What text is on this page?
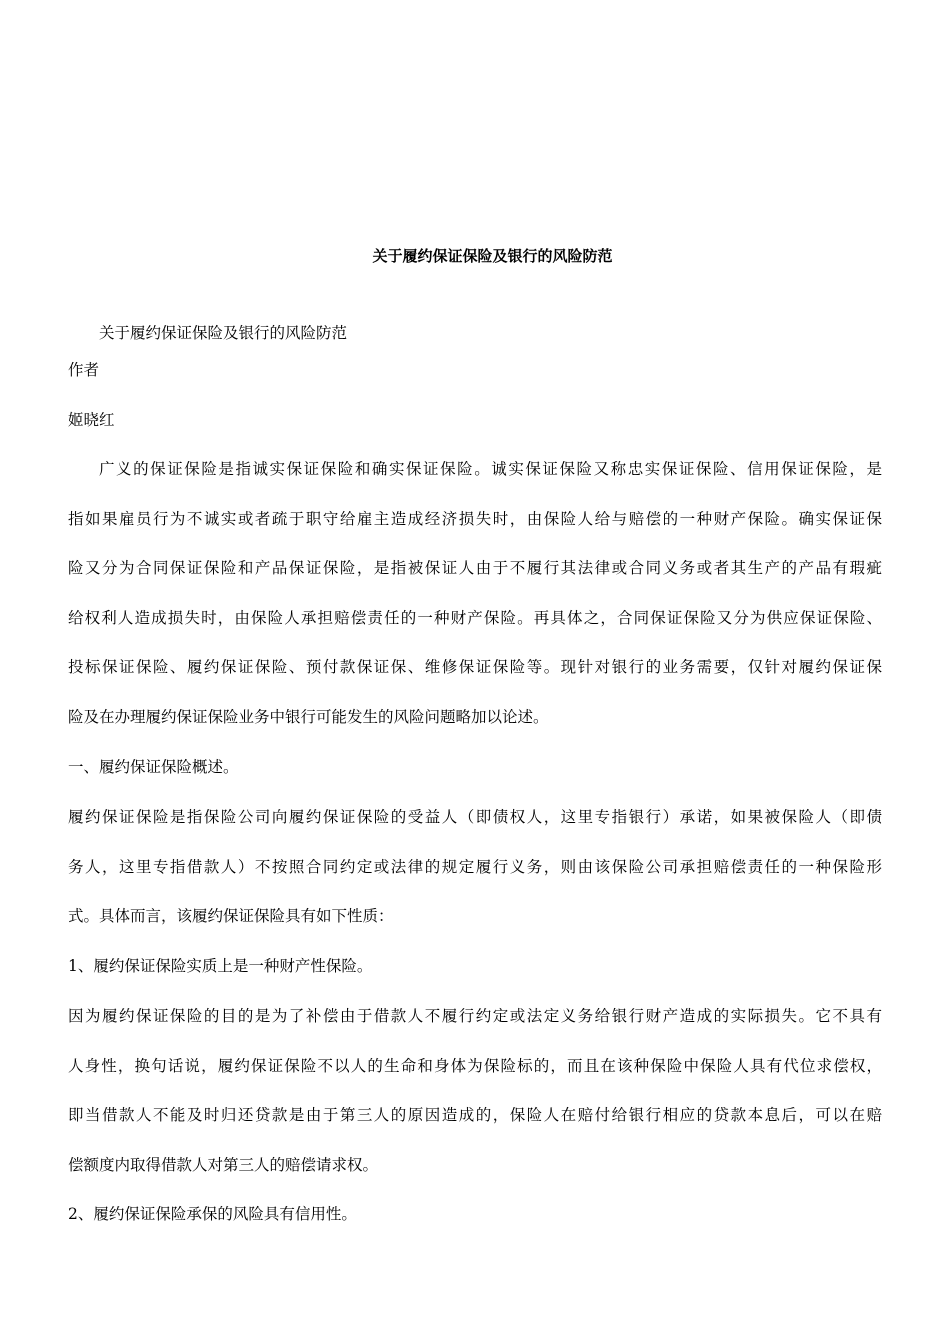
关于履约保证保险及银行的风险防范

关于履约保证保险及银行的风险防范

作者

姬晓红

广义的保证保险是指诚实保证保险和确实保证保险。诚实保证保险又称忠实保证保险、信用保证保险，是
指如果雇员行为不诚实或者疏于职守给雇主造成经济损失时，由保险人给与赔偿的一种财产保险。确实保证保
险又分为合同保证保险和产品保证保险，是指被保证人由于不履行其法律或合同义务或者其生产的产品有瑕疵
给权利人造成损失时，由保险人承担赔偿责任的一种财产保险。再具体之，合同保证保险又分为供应保证保险、
投标保证保险、履约保证保险、预付款保证保、维修保证保险等。现针对银行的业务需要，仅针对履约保证保
险及在办理履约保证保险业务中银行可能发生的风险问题略加以论述。

一、履约保证保险概述。

履约保证保险是指保险公司向履约保证保险的受益人（即债权人，这里专指银行）承诺，如果被保险人（即债
务人，这里专指借款人）不按照合同约定或法律的规定履行义务，则由该保险公司承担赔偿责任的一种保险形
式。具体而言，该履约保证保险具有如下性质：

1、履约保证保险实质上是一种财产性保险。

因为履约保证保险的目的是为了补偿由于借款人不履行约定或法定义务给银行财产造成的实际损失。它不具有
人身性，换句话说，履约保证保险不以人的生命和身体为保险标的，而且在该种保险中保险人具有代位求偿权，
即当借款人不能及时归还贷款是由于第三人的原因造成的，保险人在赔付给银行相应的贷款本息后，可以在赔
偿额度内取得借款人对第三人的赔偿请求权。

2、履约保证保险承保的风险具有信用性。
